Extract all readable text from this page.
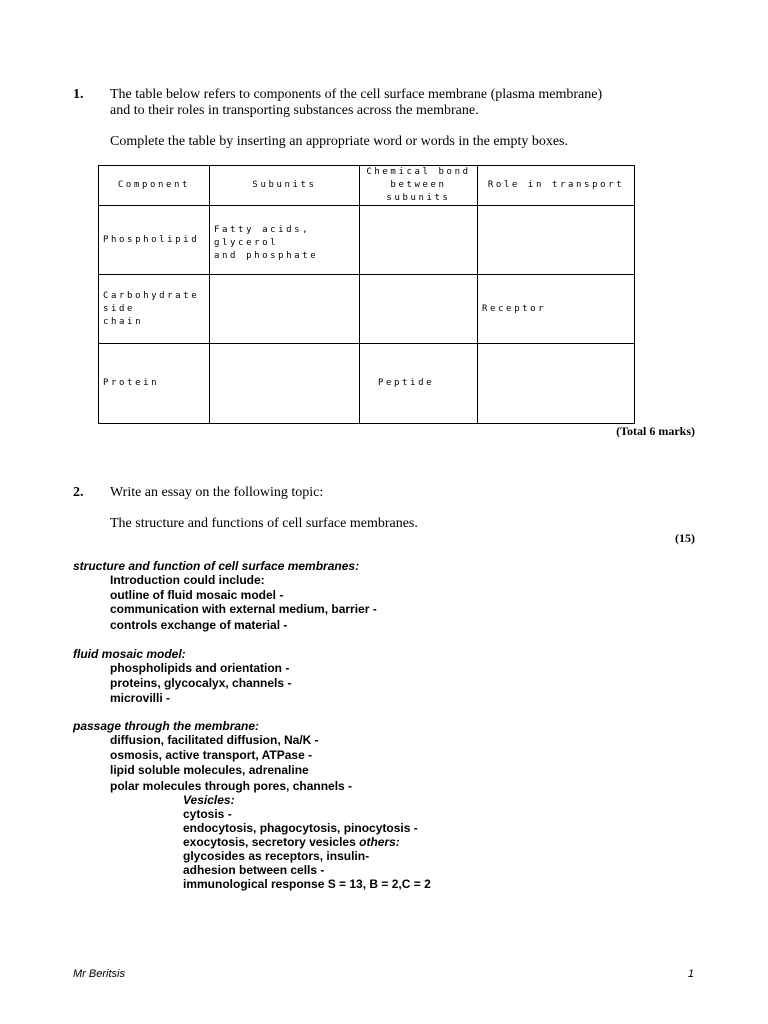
1. The table below refers to components of the cell surface membrane (plasma membrane)
and to their roles in transporting substances across the membrane.
Complete the table by inserting an appropriate word or words in the empty boxes.
Component	Subunits	Chemical bond
between subunits	Role in transport
Phospholipid	Fatty acids, glycerol
and phosphate		

Carbohydrate side
chain			Receptor
Protein		Peptide	
(Total 6 marks)
2. Write an essay on the following topic:
The structure and functions of cell surface membranes.
(15)
structure and function of cell surface membranes:
Introduction could include:
outline of fluid mosaic model -
communication with external medium, barrier -
controls exchange of material -
fluid mosaic model:
phospholipids and orientation -
proteins, glycocalyx, channels -
microvilli -
passage through the membrane:
diffusion, facilitated diffusion, Na/K -
osmosis, active transport, ATPase -
lipid soluble molecules, adrenaline
polar molecules through pores, channels -
Vesicles:
cytosis -
endocytosis, phagocytosis, pinocytosis -
exocytosis, secretory vesicles others:
glycosides as receptors, insulin-
adhesion between cells -
immunological response S = 13, B = 2,C = 2
Mr Beritsis	1
